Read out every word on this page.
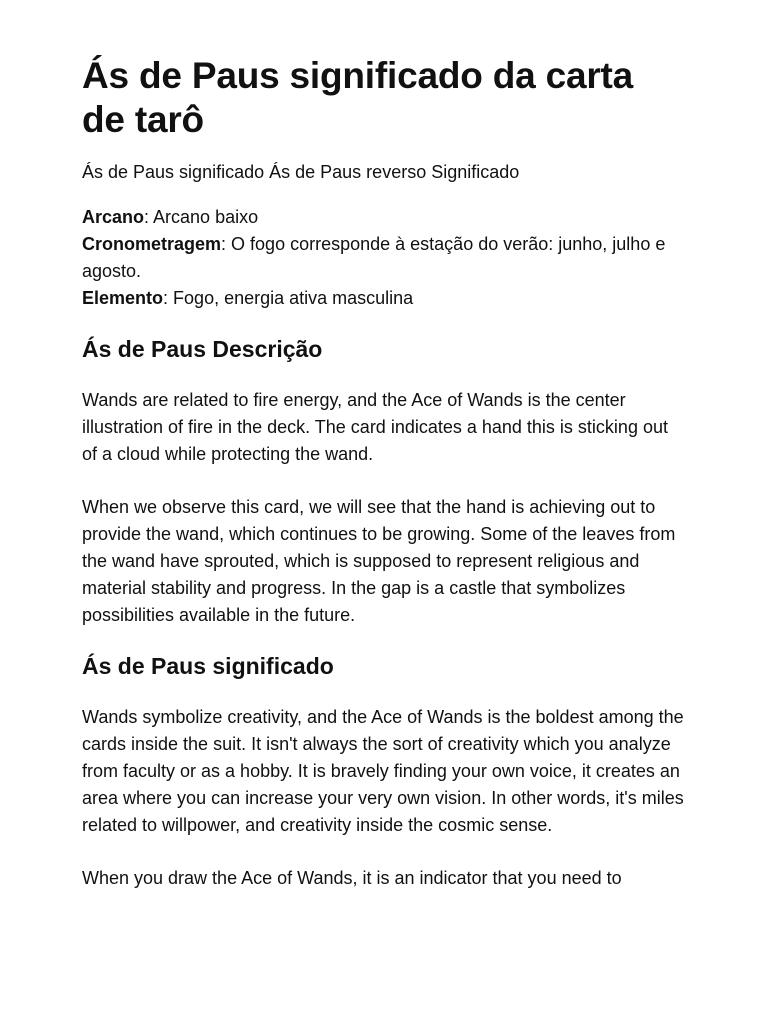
Ás de Paus significado da carta de tarô
Ás de Paus significado Ás de Paus reverso Significado
Arcano: Arcano baixo
Cronometragem: O fogo corresponde à estação do verão: junho, julho e agosto.
Elemento: Fogo, energia ativa masculina
Ás de Paus Descrição

Wands are related to fire energy, and the Ace of Wands is the center illustration of fire in the deck. The card indicates a hand this is sticking out of a cloud while protecting the wand.

When we observe this card, we will see that the hand is achieving out to provide the wand, which continues to be growing. Some of the leaves from the wand have sprouted, which is supposed to represent religious and material stability and progress. In the gap is a castle that symbolizes possibilities available in the future.

Ás de Paus significado

Wands symbolize creativity, and the Ace of Wands is the boldest among the cards inside the suit. It isn't always the sort of creativity which you analyze from faculty or as a hobby. It is bravely finding your own voice, it creates an area where you can increase your very own vision. In other words, it's miles related to willpower, and creativity inside the cosmic sense.

When you draw the Ace of Wands, it is an indicator that you need to
